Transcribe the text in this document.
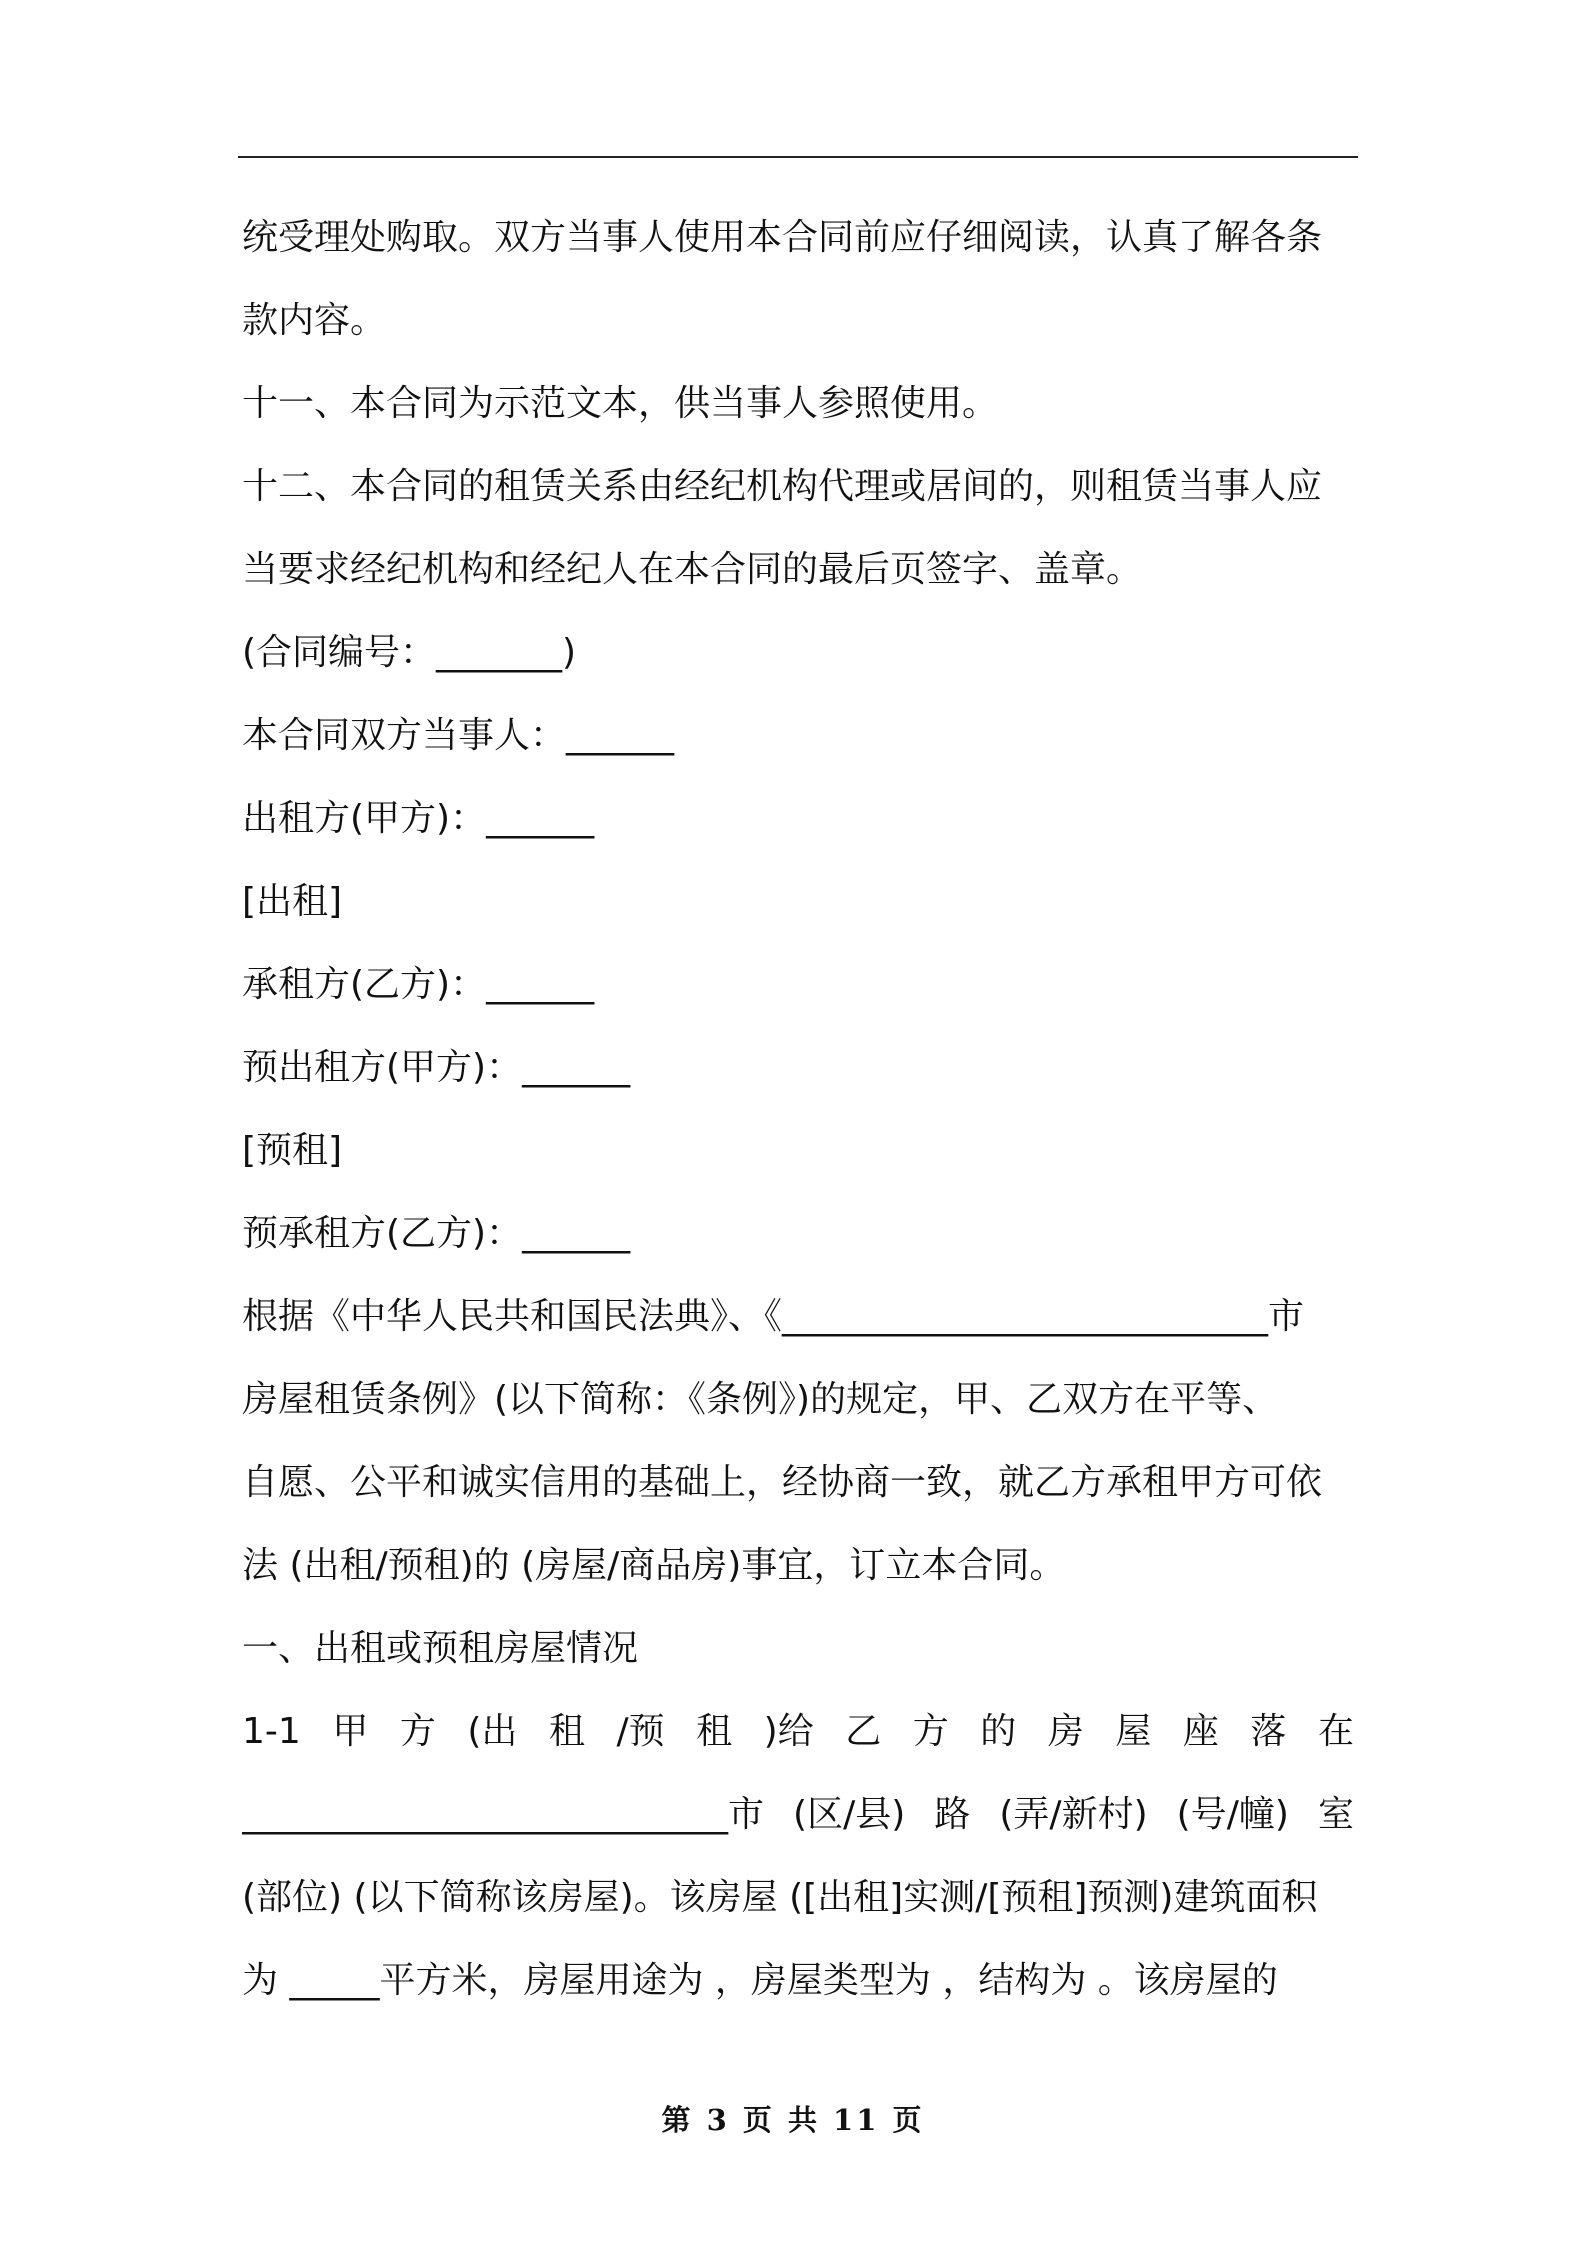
统受理处购取。双方当事人使用本合同前应仔细阅读，认真了解各条
款内容。
十一、本合同为示范文本，供当事人参照使用。
十二、本合同的租赁关系由经纪机构代理或居间的，则租赁当事人应
当要求经纪机构和经纪人在本合同的最后页签字、盖章。
(合同编号：_______)
本合同双方当事人：______
出租方(甲方)：______
[出租]
承租方(乙方)：______
预出租方(甲方)：______
[预租]
预承租方(乙方)：______
根据《中华人民共和国民法典》、《___________________________市
房屋租赁条例》(以下简称：《条例》)的规定，甲、乙双方在平等、
自愿、公平和诚实信用的基础上，经协商一致，就乙方承租甲方可依
法 (出租/预租)的 (房屋/商品房)事宜，订立本合同。
一、出租或预租房屋情况
1-1 甲 方 (出 租 /预 租 )给 乙 方 的 房 屋 座 落 在
___________________________市 (区/县) 路 (弄/新村) (号/幢) 室
(部位) (以下简称该房屋)。该房屋 ([出租]实测/[预租]预测)建筑面积
为 _____平方米，房屋用途为 ，房屋类型为 ，结构为 。该房屋的
第 3 页 共 11 页
